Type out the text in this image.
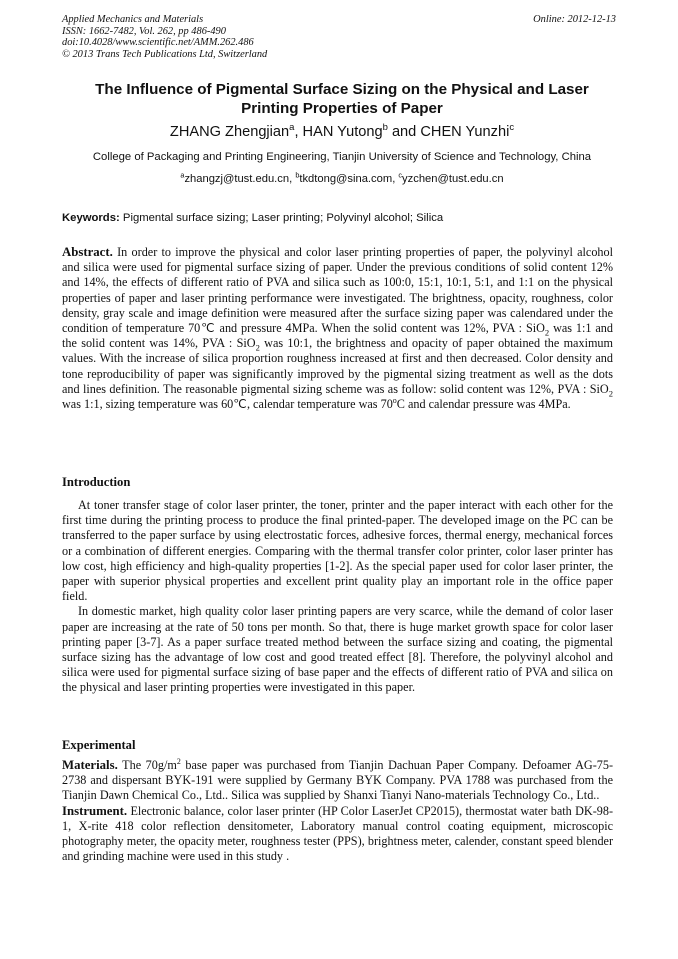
Applied Mechanics and Materials
ISSN: 1662-7482, Vol. 262, pp 486-490
doi:10.4028/www.scientific.net/AMM.262.486
© 2013 Trans Tech Publications Ltd, Switzerland
Online: 2012-12-13
The Influence of Pigmental Surface Sizing on the Physical and Laser
Printing Properties of Paper
ZHANG Zhengjian$^a$, HAN Yutong$^b$ and CHEN Yunzhi$^c$
College of Packaging and Printing Engineering, Tianjin University of Science and Technology, China
$^a$zhangzj@tust.edu.cn, $^b$tkdtong@sina.com, $^c$yzchen@tust.edu.cn
Keywords: Pigmental surface sizing; Laser printing; Polyvinyl alcohol; Silica
Abstract. In order to improve the physical and color laser printing properties of paper, the polyvinyl alcohol and silica were used for pigmental surface sizing of paper. Under the previous conditions of solid content 12% and 14%, the effects of different ratio of PVA and silica such as 100:0, 15:1, 10:1, 5:1, and 1:1 on the physical properties of paper and laser printing performance were investigated. The brightness, opacity, roughness, color density, gray scale and image definition were measured after the surface sizing paper was calendared under the condition of temperature 70℃ and pressure 4MPa. When the solid content was 12%, PVA : SiO$_2$ was 1:1 and the solid content was 14%, PVA : SiO$_2$ was 10:1, the brightness and opacity of paper obtained the maximum values. With the increase of silica proportion roughness increased at first and then decreased. Color density and tone reproducibility of paper was significantly improved by the pigmental sizing treatment as well as the dots and lines definition. The reasonable pigmental sizing scheme was as follow: solid content was 12%, PVA : SiO$_2$ was 1:1, sizing temperature was 60℃, calendar temperature was 70$^o$C and calendar pressure was 4MPa.
Introduction

At toner transfer stage of color laser printer, the toner, printer and the paper interact with each other for the first time during the printing process to produce the final printed-paper. The developed image on the PC can be transferred to the paper surface by using electrostatic forces, adhesive forces, thermal energy, mechanical forces or a combination of different energies. Comparing with the thermal transfer color printer, color laser printer has low cost, high efficiency and high-quality properties [1-2]. As the special paper used for color laser printer, the paper with superior physical properties and excellent print quality play an important role in the office paper field.

In domestic market, high quality color laser printing papers are very scarce, while the demand of color laser paper are increasing at the rate of 50 tons per month. So that, there is huge market growth space for color laser printing paper [3-7]. As a paper surface treated method between the surface sizing and coating, the pigmental surface sizing has the advantage of low cost and good treated effect [8]. Therefore, the polyvinyl alcohol and silica were used for pigmental surface sizing of base paper and the effects of different ratio of PVA and silica on the physical and laser printing properties were investigated in this paper.

Experimental

Materials. The $70g/m^2$ base paper was purchased from Tianjin Dachuan Paper Company. Defoamer AG-75-2738 and dispersant BYK-191 were supplied by Germany BYK Company. PVA 1788 was purchased from the Tianjin Dawn Chemical Co., Ltd.. Silica was supplied by Shanxi Tianyi Nano-materials Technology Co., Ltd..

Instrument. Electronic balance, color laser printer (HP Color LaserJet CP2015), thermostat water bath DK-98-1, X-rite 418 color reflection densitometer, Laboratory manual control coating equipment, microscopic photography meter, the opacity meter, roughness tester (PPS), brightness meter, calender, constant speed blender and grinding machine were used in this study .
